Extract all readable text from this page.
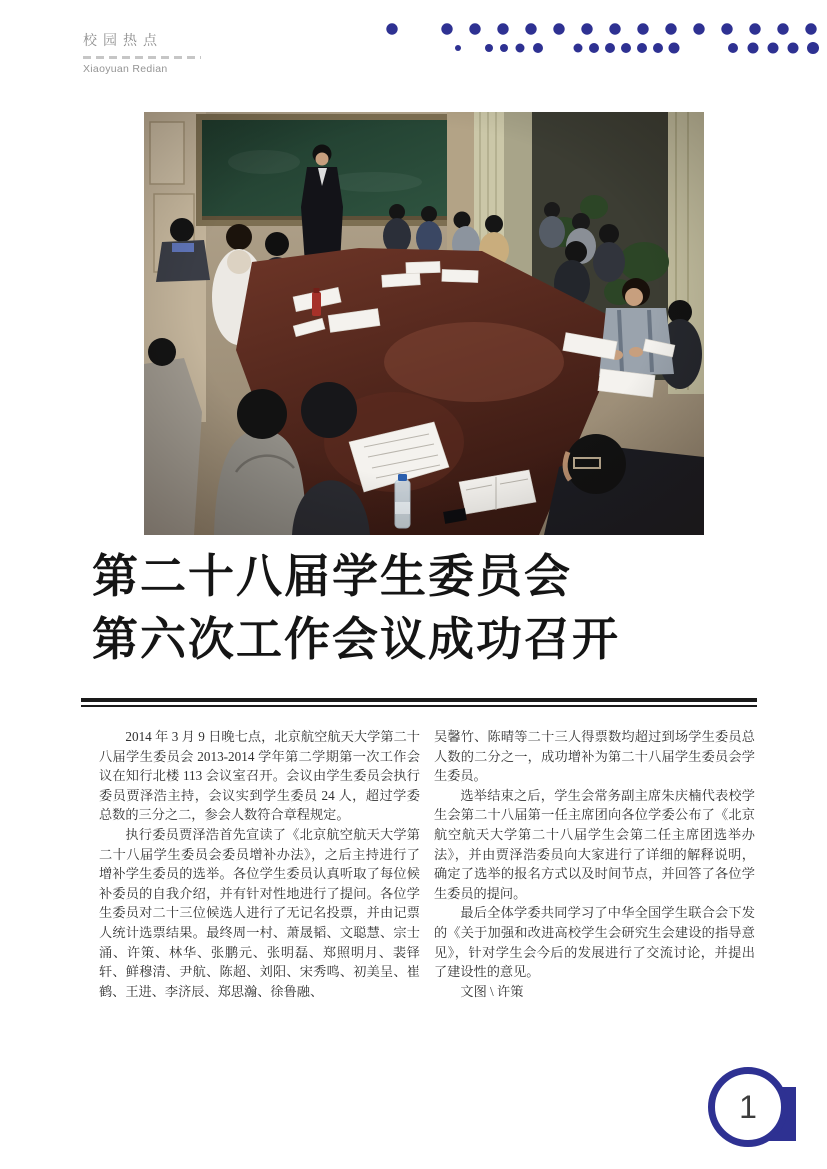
校园热点
Xiaoyuan Redian
第二十八届学生委员会
第六次工作会议成功召开

2014 年 3 月 9 日晚七点，北京航空航天大学第二十八届学生委员会 2013-2014 学年第二学期第一次工作会议在知行北楼 113 会议室召开。会议由学生委员会执行委员贾泽浩主持，会议实到学生委员 24 人，超过学委总数的三分之二，参会人数符合章程规定。

执行委员贾泽浩首先宣读了《北京航空航天大学第二十八届学生委员会委员增补办法》，之后主持进行了增补学生委员的选举。各位学生委员认真听取了每位候补委员的自我介绍，并有针对性地进行了提问。各位学生委员对二十三位候选人进行了无记名投票，并由记票人统计选票结果。最终周一村、萧晟韬、文聪慧、宗士涌、许策、林华、张鹏元、张明磊、郑照明月、裴铎轩、鲜穆清、尹航、陈超、刘阳、宋秀鸣、初美呈、崔鹤、王进、李济辰、郑思瀚、徐鲁融、

吴馨竹、陈晴等二十三人得票数均超过到场学生委员总人数的二分之一，成功增补为第二十八届学生委员会学生委员。

选举结束之后，学生会常务副主席朱庆楠代表校学生会第二十八届第一任主席团向各位学委公布了《北京航空航天大学第二十八届学生会第二任主席团选举办法》，并由贾泽浩委员向大家进行了详细的解释说明，确定了选举的报名方式以及时间节点，并回答了各位学生委员的提问。

最后全体学委共同学习了中华全国学生联合会下发的《关于加强和改进高校学生会研究生会建设的指导意见》，针对学生会今后的发展进行了交流讨论，并提出了建设性的意见。

文图 \ 许策

1
